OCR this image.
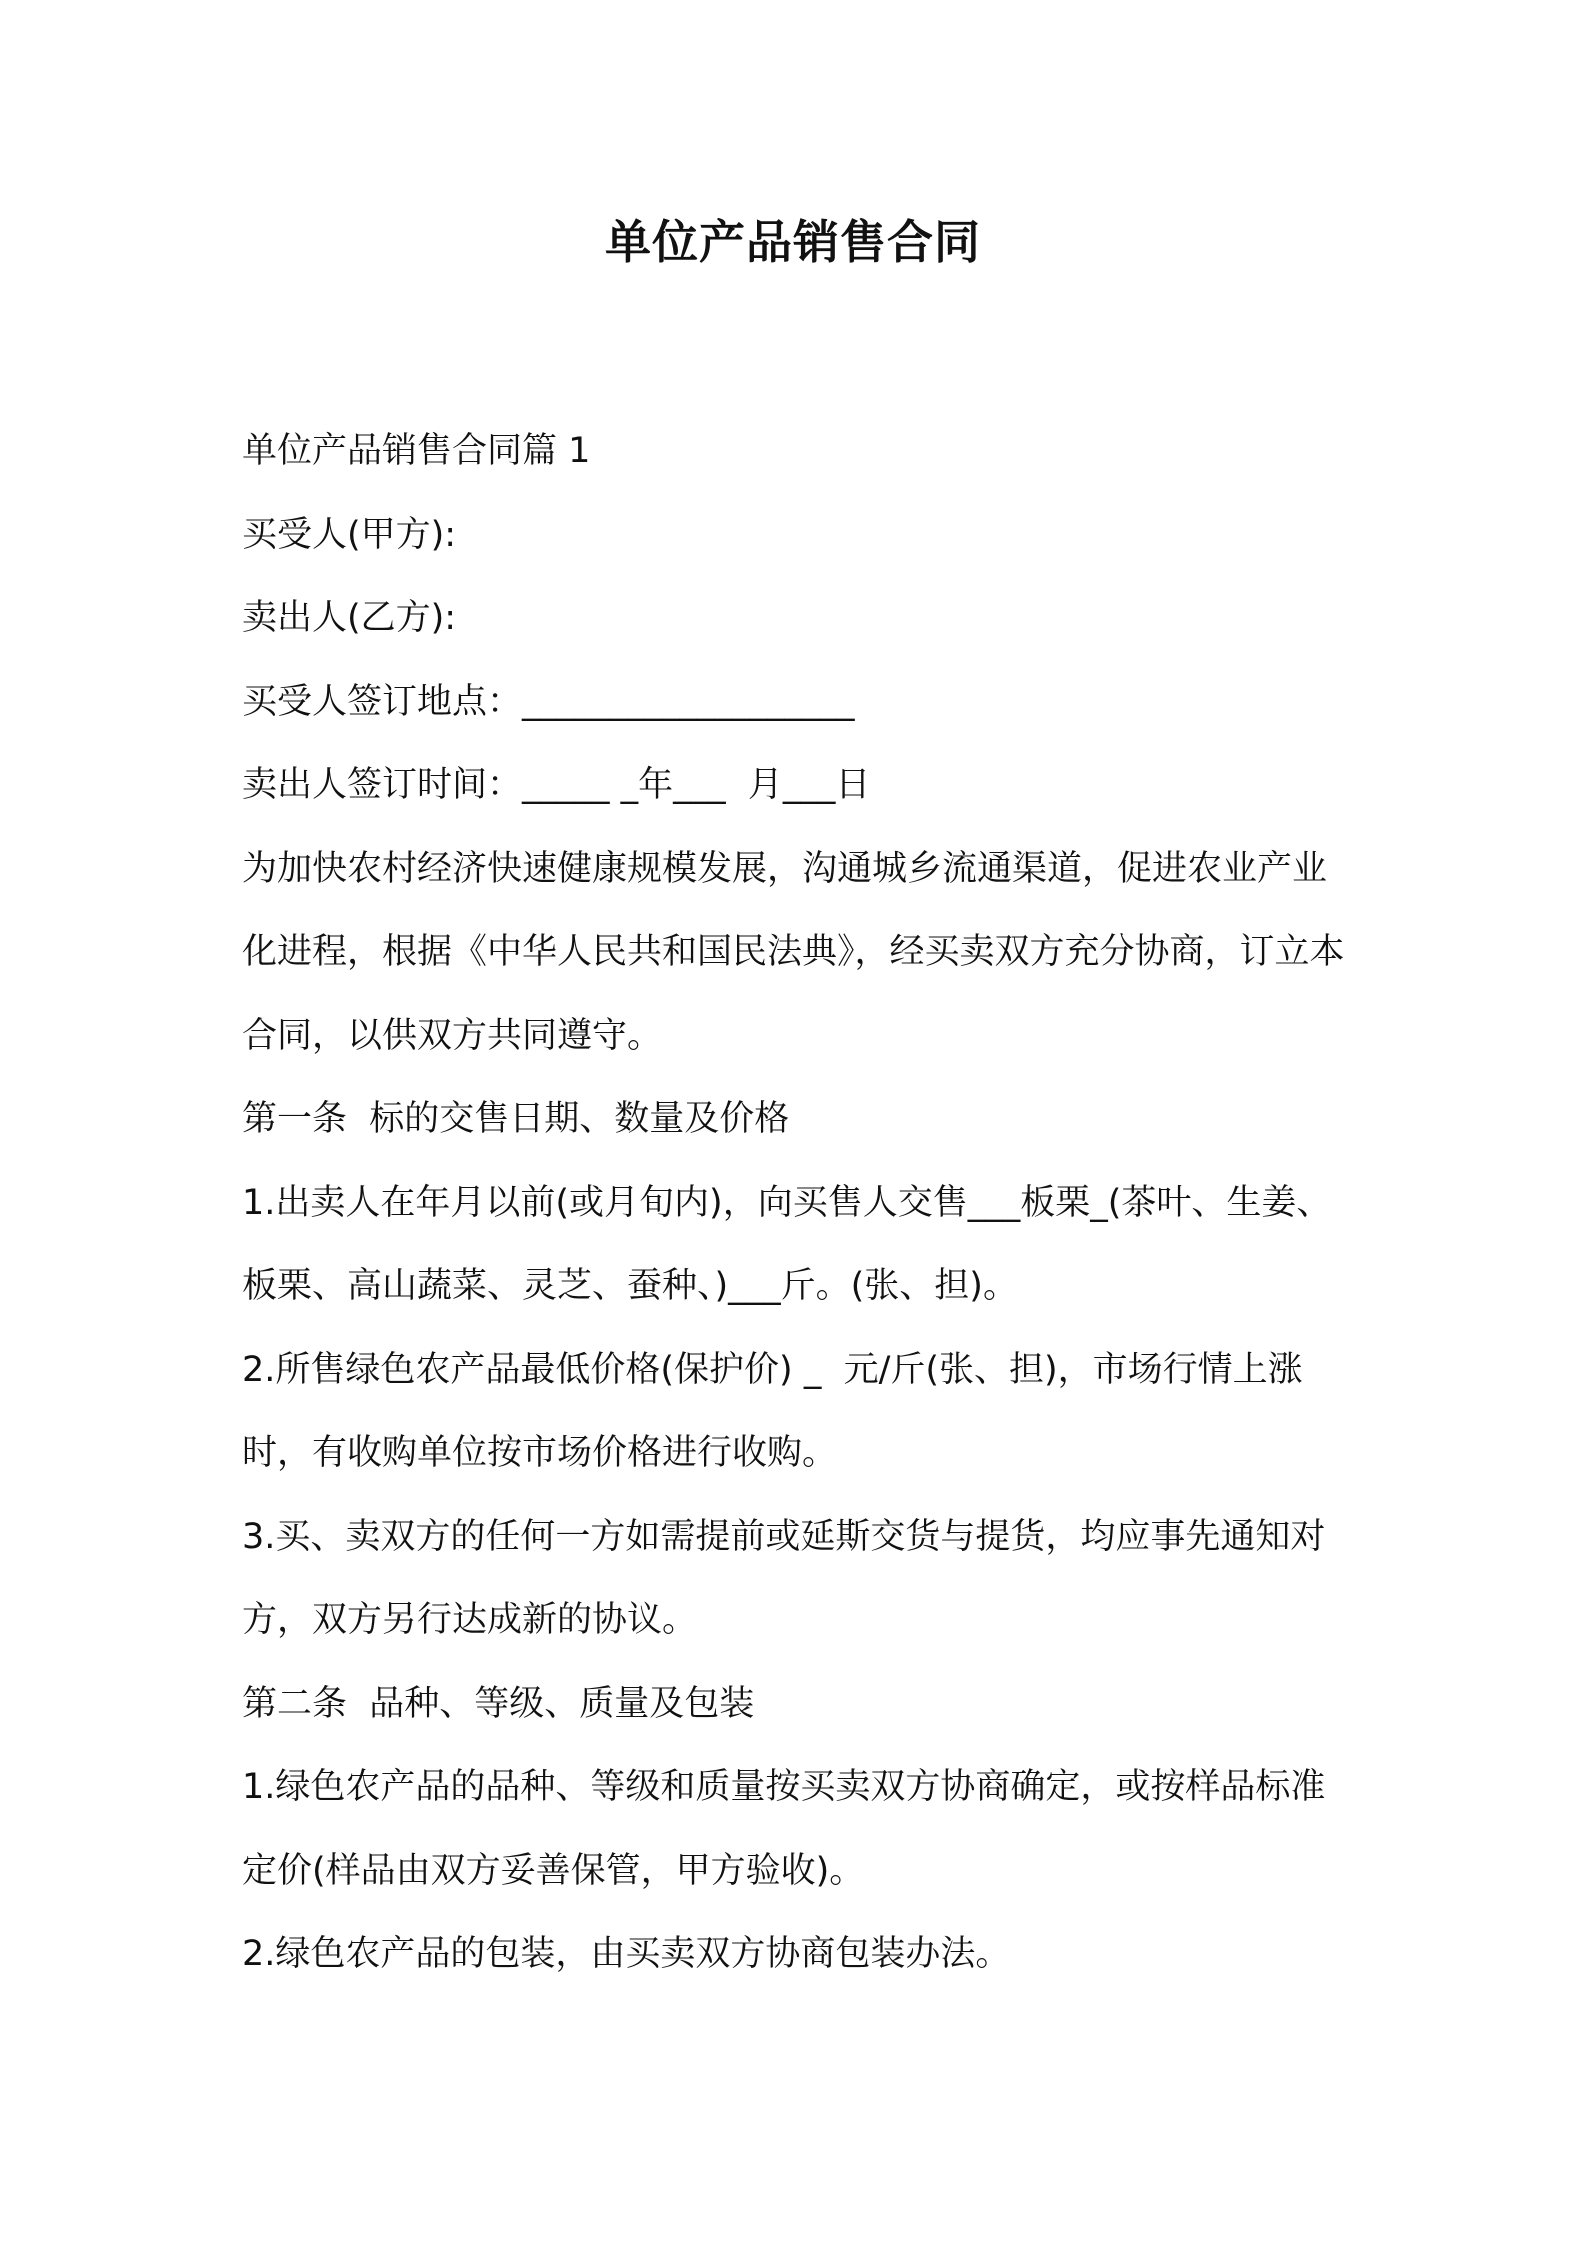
单位产品销售合同

单位产品销售合同篇 1

买受人(甲方):

卖出人(乙方):

买受人签订地点：___________________

卖出人签订时间：_____ _年___  月___日

为加快农村经济快速健康规模发展，沟通城乡流通渠道，促进农业产业化进程，根据《中华人民共和国民法典》，经买卖双方充分协商，订立本合同，以供双方共同遵守。

第一条  标的交售日期、数量及价格

1.出卖人在年月以前(或月旬内)，向买售人交售___板栗_(茶叶、生姜、板栗、高山蔬菜、灵芝、蚕种、)___斤。(张、担)。

2.所售绿色农产品最低价格(保护价) _  元/斤(张、担)，市场行情上涨时，有收购单位按市场价格进行收购。

3.买、卖双方的任何一方如需提前或延斯交货与提货，均应事先通知对方，双方另行达成新的协议。

第二条  品种、等级、质量及包装

1.绿色农产品的品种、等级和质量按买卖双方协商确定，或按样品标准定价(样品由双方妥善保管，甲方验收)。

2.绿色农产品的包装，由买卖双方协商包装办法。
